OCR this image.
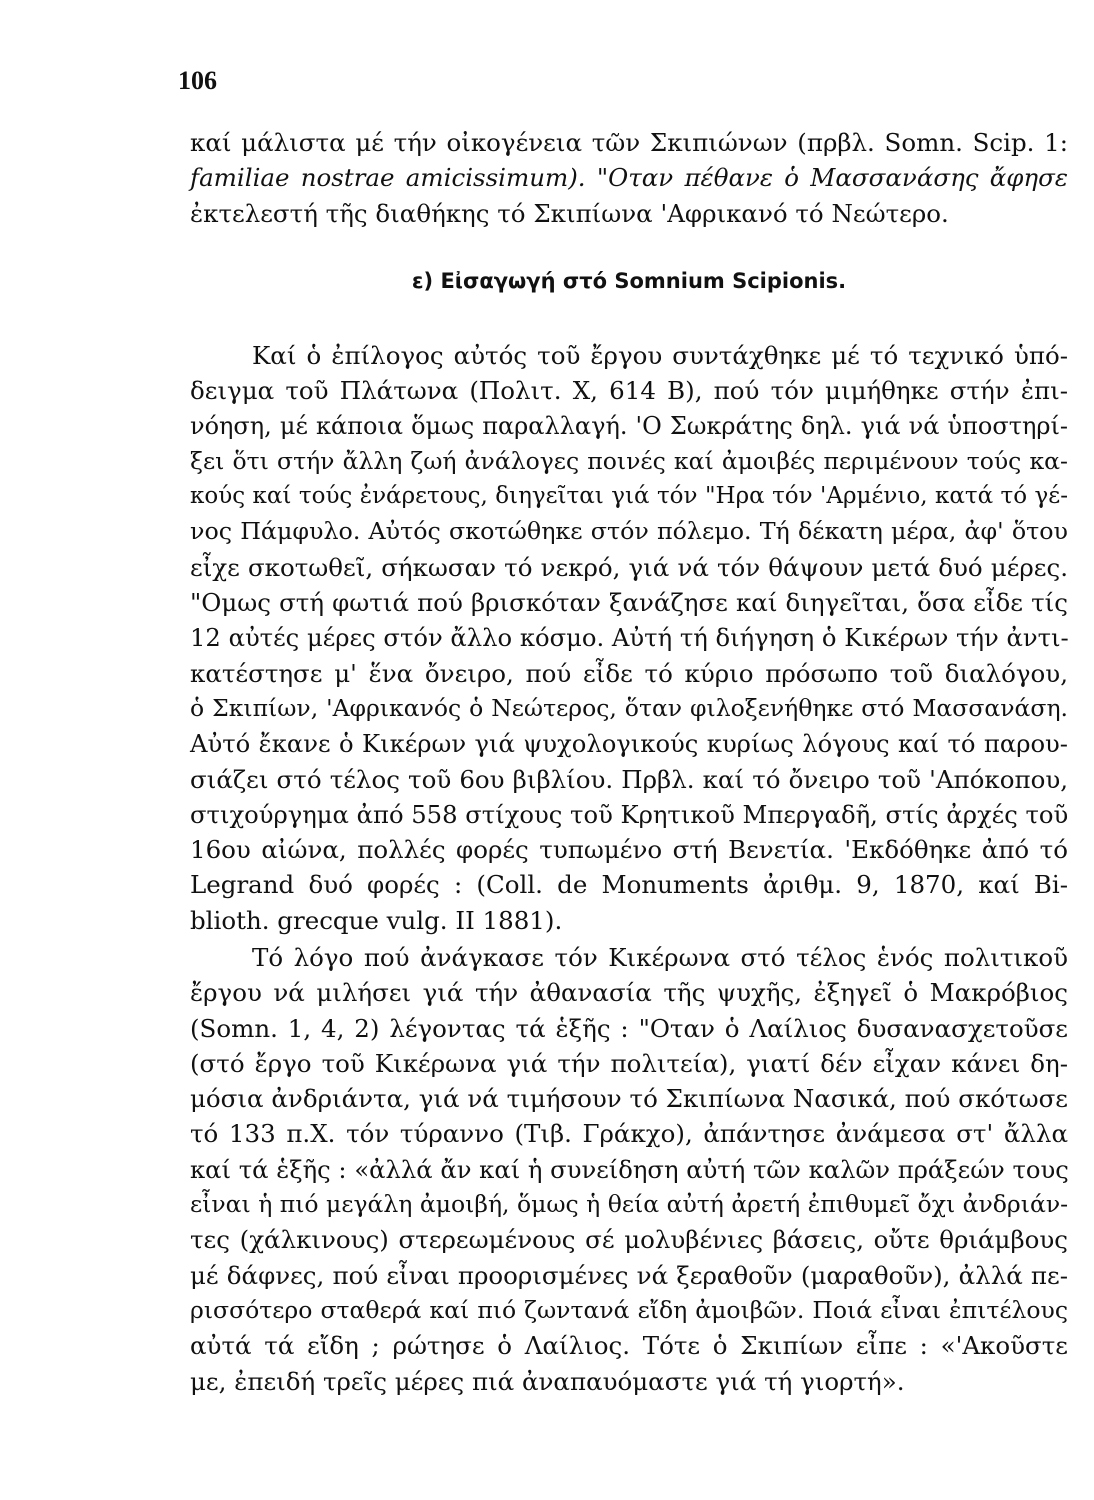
106
καί μάλιστα μέ τήν οἰκογένεια τῶν Σκιπιώνων (πρβλ. Somn. Scip. 1:
familiae nostrae amicissimum). "Οταν πέθανε ὁ Μασσανάσης ἄφησε
ἐκτελεστή τῆς διαθήκης τό Σκιπίωνα 'Αφρικανό τό Νεώτερο.
ε) Εἰσαγωγή στό Somnium Scipionis.
Καί ὁ ἐπίλογος αὐτός τοῦ ἔργου συντάχθηκε μέ τό τεχνικό ὑπό-
δειγμα τοῦ Πλάτωνα (Πολιτ. X, 614 B), πού τόν μιμήθηκε στήν ἐπι-
νόηση, μέ κάποια ὅμως παραλλαγή. 'Ο Σωκράτης δηλ. γιά νά ὑποστηρί-
ξει ὅτι στήν ἄλλη ζωή ἀνάλογες ποινές καί ἀμοιβές περιμένουν τούς κα-
κούς καί τούς ἐνάρετους, διηγεῖται γιά τόν "Ηρα τόν 'Αρμένιο, κατά τό γέ-
νος Πάμφυλο. Αὐτός σκοτώθηκε στόν πόλεμο. Τή δέκατη μέρα, ἀφ' ὅτου
εἶχε σκοτωθεῖ, σήκωσαν τό νεκρό, γιά νά τόν θάψουν μετά δυό μέρες.
"Ομως στή φωτιά πού βρισκόταν ξανάζησε καί διηγεῖται, ὅσα εἶδε τίς
12 αὐτές μέρες στόν ἄλλο κόσμο. Αὐτή τή διήγηση ὁ Κικέρων τήν ἀντι-
κατέστησε μ' ἕνα ὄνειρο, πού εἶδε τό κύριο πρόσωπο τοῦ διαλόγου,
ὁ Σκιπίων, 'Αφρικανός ὁ Νεώτερος, ὅταν φιλοξενήθηκε στό Μασσανάση.
Αὐτό ἔκανε ὁ Κικέρων γιά ψυχολογικούς κυρίως λόγους καί τό παρου-
σιάζει στό τέλος τοῦ 6ου βιβλίου. Πρβλ. καί τό ὄνειρο τοῦ 'Απόκοπου,
στιχούργημα ἀπό 558 στίχους τοῦ Κρητικοῦ Μπεργαδῆ, στίς ἀρχές τοῦ
16ου αἰώνα, πολλές φορές τυπωμένο στή Βενετία. 'Εκδόθηκε ἀπό τό
Legrand δυό φορές : (Coll. de Monuments ἀριθμ. 9, 1870, καί Bi-
blioth. grecque vulg. II 1881).
Τό λόγο πού ἀνάγκασε τόν Κικέρωνα στό τέλος ἑνός πολιτικοῦ
ἔργου νά μιλήσει γιά τήν ἀθανασία τῆς ψυχῆς, ἐξηγεῖ ὁ Μακρόβιος
(Somn. 1, 4, 2) λέγοντας τά ἑξῆς : "Οταν ὁ Λαίλιος δυσανασχετοῦσε
(στό ἔργο τοῦ Κικέρωνα γιά τήν πολιτεία), γιατί δέν εἶχαν κάνει δη-
μόσια ἀνδριάντα, γιά νά τιμήσουν τό Σκιπίωνα Νασικά, πού σκότωσε
τό 133 π.Χ. τόν τύραννο (Τιβ. Γράκχο), ἀπάντησε ἀνάμεσα στ' ἄλλα
καί τά ἑξῆς : «ἀλλά ἄν καί ἡ συνείδηση αὐτή τῶν καλῶν πράξεών τους
εἶναι ἡ πιό μεγάλη ἀμοιβή, ὅμως ἡ θεία αὐτή ἀρετή ἐπιθυμεῖ ὄχι ἀνδριάν-
τες (χάλκινους) στερεωμένους σέ μολυβένιες βάσεις, οὔτε θριάμβους
μέ δάφνες, πού εἶναι προορισμένες νά ξεραθοῦν (μαραθοῦν), ἀλλά πε-
ρισσότερο σταθερά καί πιό ζωντανά εἴδη ἀμοιβῶν. Ποιά εἶναι ἐπιτέλους
αὐτά τά εἴδη ; ρώτησε ὁ Λαίλιος. Τότε ὁ Σκιπίων εἶπε : «'Ακοῦστε
με, ἐπειδή τρεῖς μέρες πιά ἀναπαυόμαστε γιά τή γιορτή».
